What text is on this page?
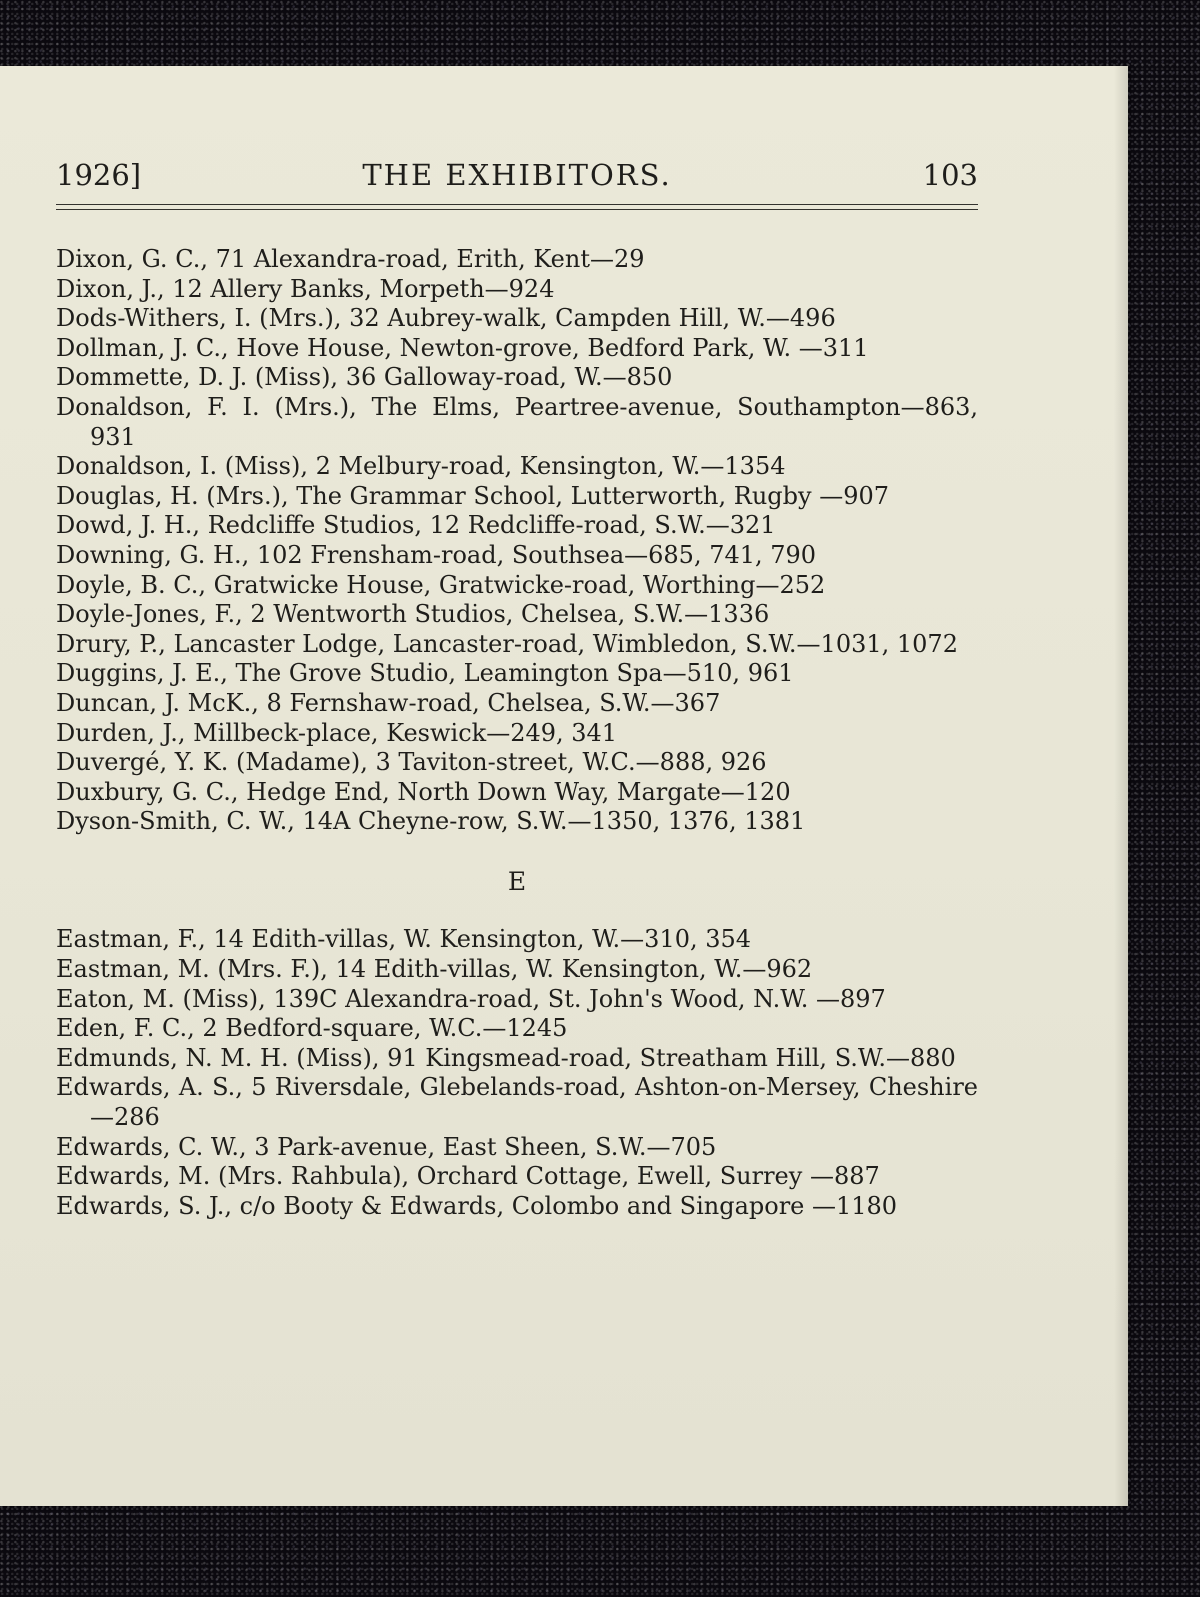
1926]	THE EXHIBITORS.	103
Dixon, G. C., 71 Alexandra-road, Erith, Kent—29
Dixon, J., 12 Allery Banks, Morpeth—924
Dods-Withers, I. (Mrs.), 32 Aubrey-walk, Campden Hill, W.—496
Dollman, J. C., Hove House, Newton-grove, Bedford Park, W. —311
Dommette, D. J. (Miss), 36 Galloway-road, W.—850
Donaldson, F. I. (Mrs.), The Elms, Peartree-avenue, Southampton—863, 931
Donaldson, I. (Miss), 2 Melbury-road, Kensington, W.—1354
Douglas, H. (Mrs.), The Grammar School, Lutterworth, Rugby —907
Dowd, J. H., Redcliffe Studios, 12 Redcliffe-road, S.W.—321
Downing, G. H., 102 Frensham-road, Southsea—685, 741, 790
Doyle, B. C., Gratwicke House, Gratwicke-road, Worthing—252
Doyle-Jones, F., 2 Wentworth Studios, Chelsea, S.W.—1336
Drury, P., Lancaster Lodge, Lancaster-road, Wimbledon, S.W.—1031, 1072
Duggins, J. E., The Grove Studio, Leamington Spa—510, 961
Duncan, J. McK., 8 Fernshaw-road, Chelsea, S.W.—367
Durden, J., Millbeck-place, Keswick—249, 341
Duvergé, Y. K. (Madame), 3 Taviton-street, W.C.—888, 926
Duxbury, G. C., Hedge End, North Down Way, Margate—120
Dyson-Smith, C. W., 14A Cheyne-row, S.W.—1350, 1376, 1381
E
Eastman, F., 14 Edith-villas, W. Kensington, W.—310, 354
Eastman, M. (Mrs. F.), 14 Edith-villas, W. Kensington, W.—962
Eaton, M. (Miss), 139C Alexandra-road, St. John's Wood, N.W. —897
Eden, F. C., 2 Bedford-square, W.C.—1245
Edmunds, N. M. H. (Miss), 91 Kingsmead-road, Streatham Hill, S.W.—880
Edwards, A. S., 5 Riversdale, Glebelands-road, Ashton-on-Mersey, Cheshire—286
Edwards, C. W., 3 Park-avenue, East Sheen, S.W.—705
Edwards, M. (Mrs. Rahbula), Orchard Cottage, Ewell, Surrey —887
Edwards, S. J., c/o Booty & Edwards, Colombo and Singapore —1180
